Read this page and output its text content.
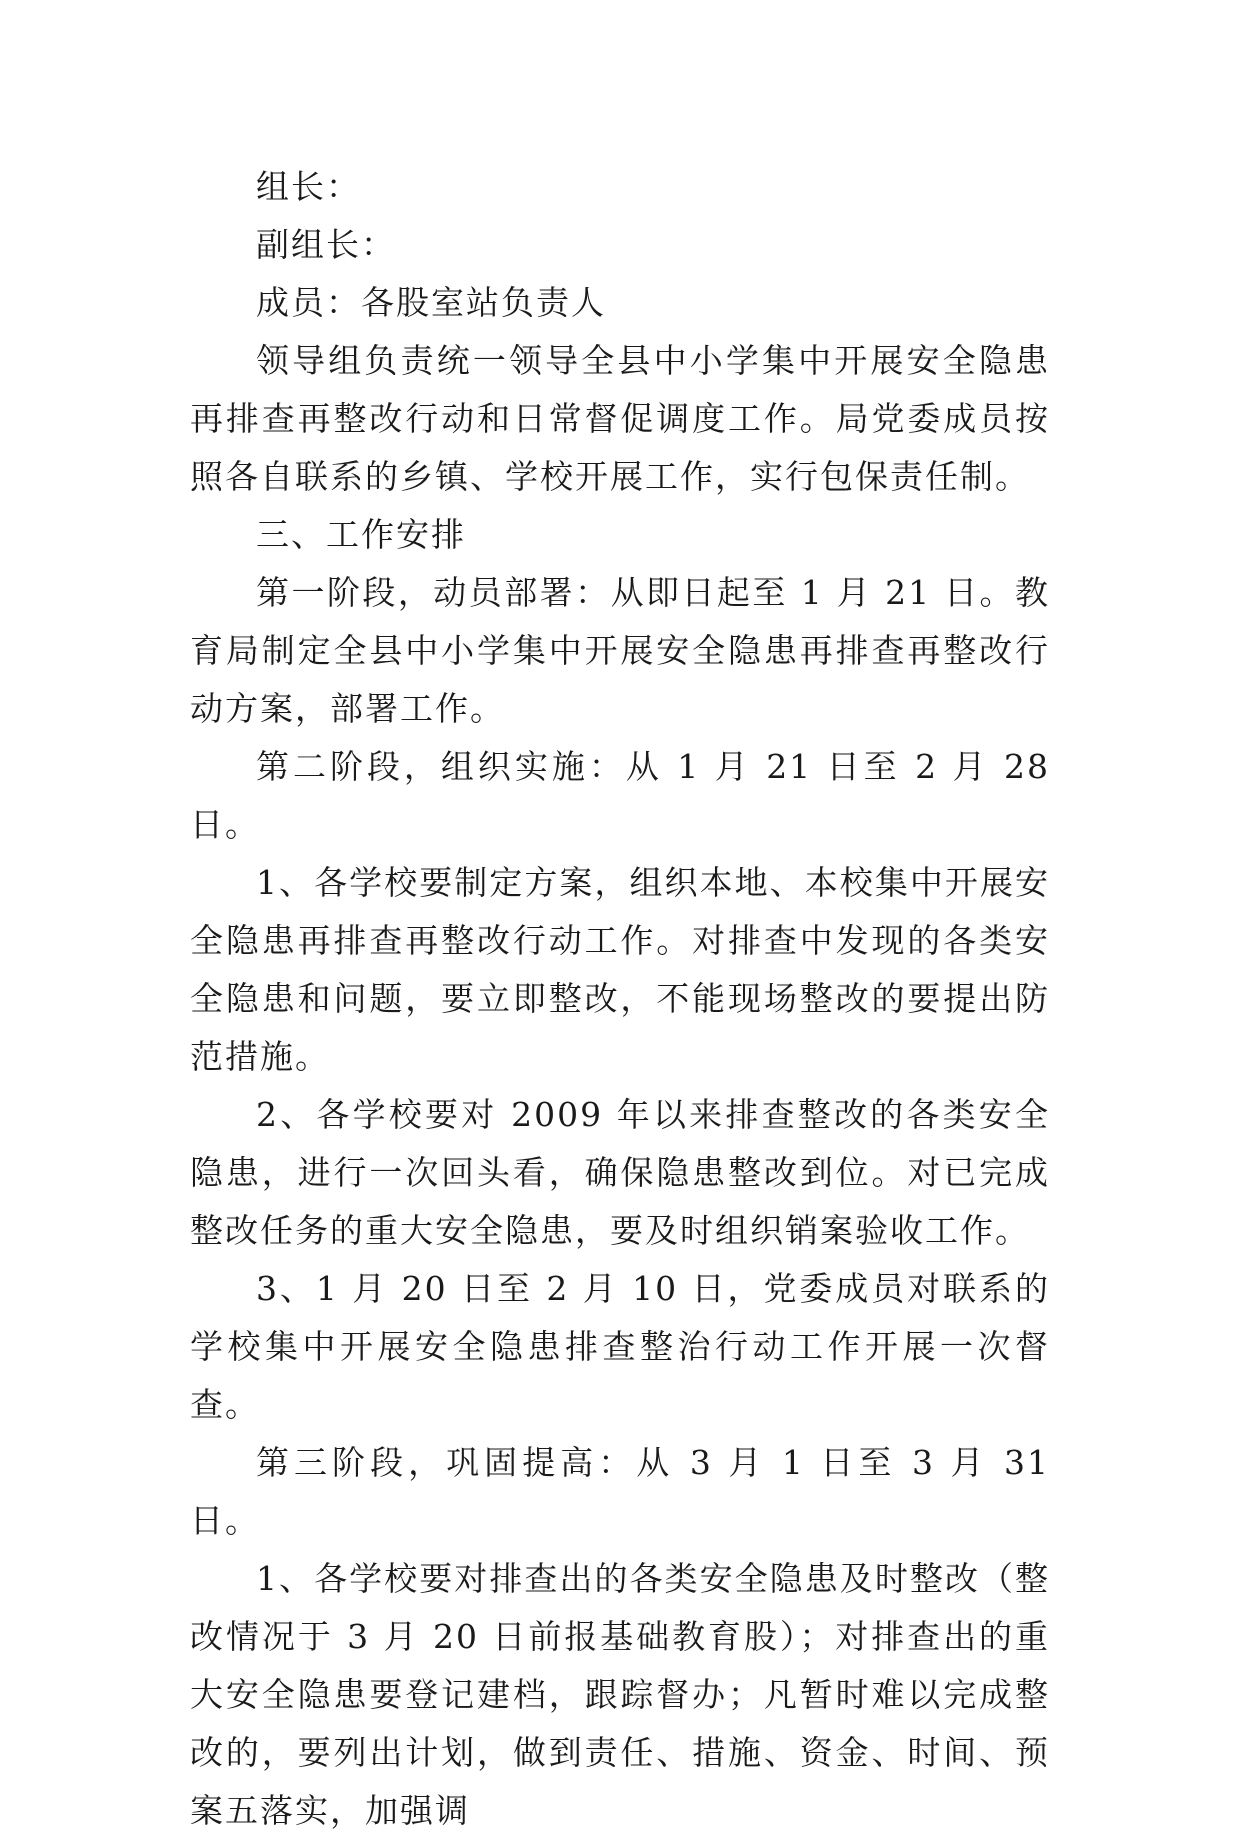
组长：

副组长：

成员：各股室站负责人

领导组负责统一领导全县中小学集中开展安全隐患再排查再整改行动和日常督促调度工作。局党委成员按照各自联系的乡镇、学校开展工作，实行包保责任制。

三、工作安排

第一阶段，动员部署：从即日起至 1 月 21 日。教育局制定全县中小学集中开展安全隐患再排查再整改行动方案，部署工作。

第二阶段，组织实施：从 1 月 21 日至 2 月 28 日。

1、各学校要制定方案，组织本地、本校集中开展安全隐患再排查再整改行动工作。对排查中发现的各类安全隐患和问题，要立即整改，不能现场整改的要提出防范措施。

2、各学校要对 2009 年以来排查整改的各类安全隐患，进行一次回头看，确保隐患整改到位。对已完成整改任务的重大安全隐患，要及时组织销案验收工作。

3、1 月 20 日至 2 月 10 日，党委成员对联系的学校集中开展安全隐患排查整治行动工作开展一次督查。

第三阶段，巩固提高：从 3 月 1 日至 3 月 31 日。

1、各学校要对排查出的各类安全隐患及时整改（整改情况于 3 月 20 日前报基础教育股）；对排查出的重大安全隐患要登记建档，跟踪督办；凡暂时难以完成整改的，要列出计划，做到责任、措施、资金、时间、预案五落实，加强调
